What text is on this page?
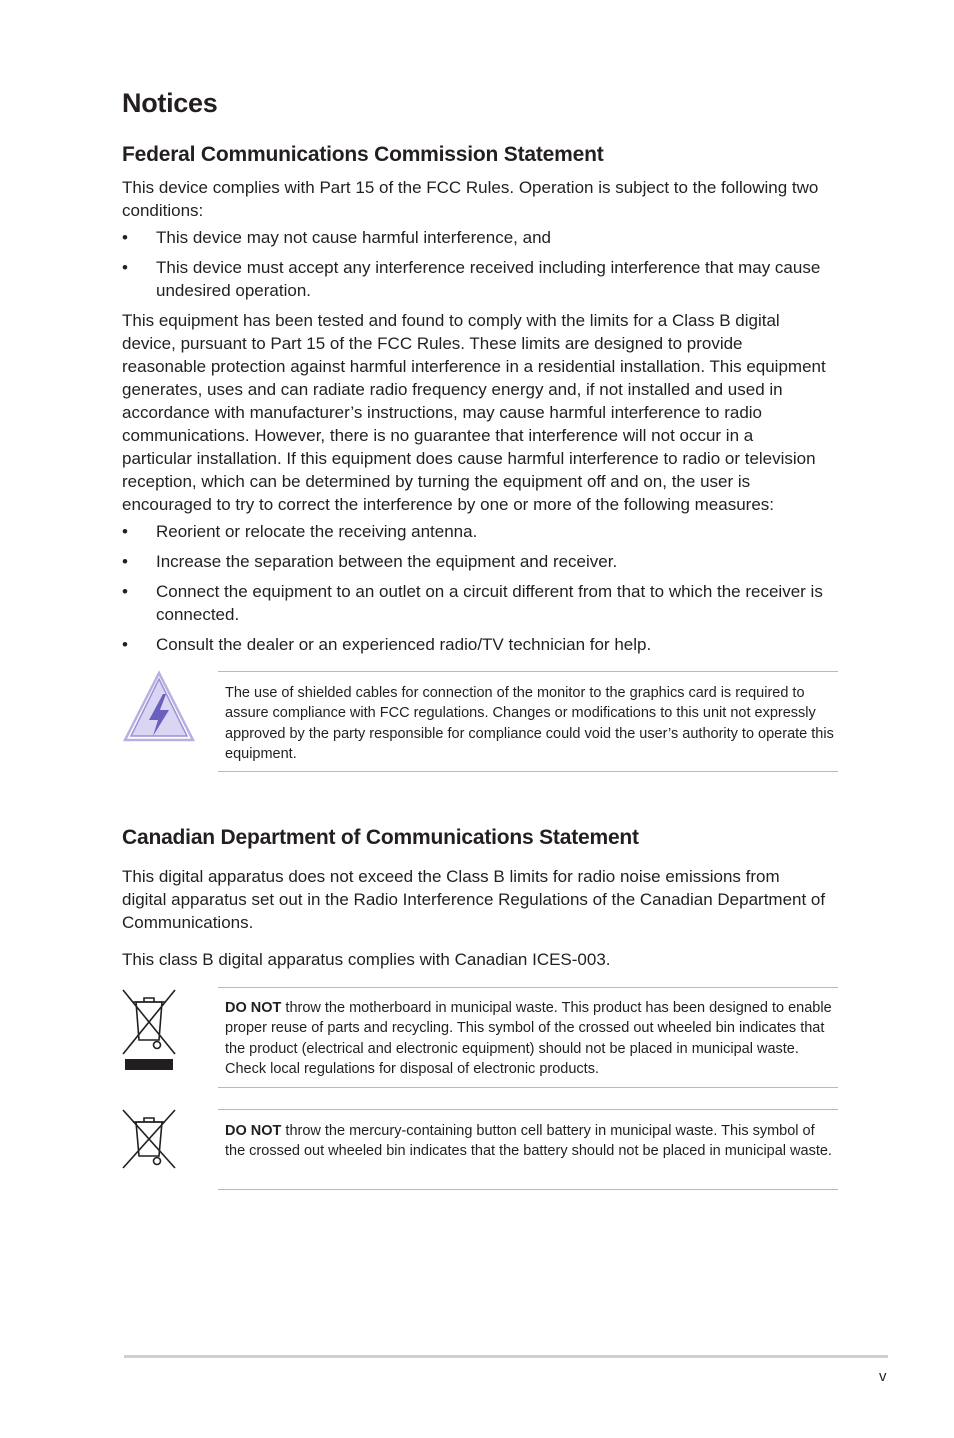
Notices
Federal Communications Commission Statement

This device complies with Part 15 of the FCC Rules. Operation is subject to the following two conditions:

• This device may not cause harmful interference, and
• This device must accept any interference received including interference that may cause undesired operation.

This equipment has been tested and found to comply with the limits for a Class B digital device, pursuant to Part 15 of the FCC Rules. These limits are designed to provide reasonable protection against harmful interference in a residential installation. This equipment generates, uses and can radiate radio frequency energy and, if not installed and used in accordance with manufacturer’s instructions, may cause harmful interference to radio communications. However, there is no guarantee that interference will not occur in a particular installation. If this equipment does cause harmful interference to radio or television reception, which can be determined by turning the equipment off and on, the user is encouraged to try to correct the interference by one or more of the following measures:

• Reorient or relocate the receiving antenna.
• Increase the separation between the equipment and receiver.
• Connect the equipment to an outlet on a circuit different from that to which the receiver is connected.
• Consult the dealer or an experienced radio/TV technician for help.

The use of shielded cables for connection of the monitor to the graphics card is required to assure compliance with FCC regulations. Changes or modifications to this unit not expressly approved by the party responsible for compliance could void the user’s authority to operate this equipment.

Canadian Department of Communications Statement

This digital apparatus does not exceed the Class B limits for radio noise emissions from digital apparatus set out in the Radio Interference Regulations of the Canadian Department of Communications.

This class B digital apparatus complies with Canadian ICES-003.

DO NOT throw the motherboard in municipal waste. This product has been designed to enable proper reuse of parts and recycling. This symbol of the crossed out wheeled bin indicates that the product (electrical and electronic equipment) should not be placed in municipal waste. Check local regulations for disposal of electronic products.

DO NOT throw the mercury-containing button cell battery in municipal waste. This symbol of the crossed out wheeled bin indicates that the battery should not be placed in municipal waste.

v
